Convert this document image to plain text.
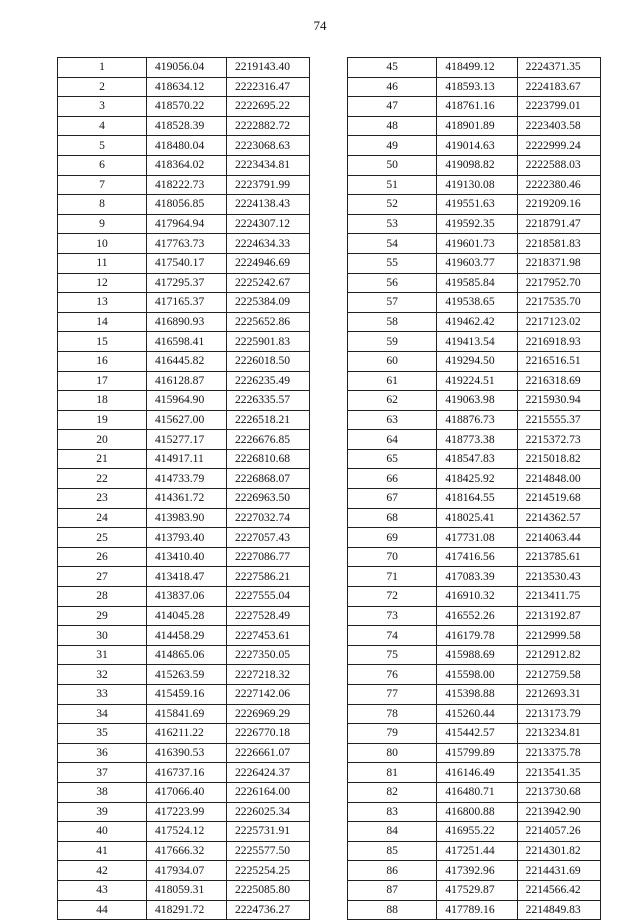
74
1	419056.04	2219143.40
2	418634.12	2222316.47
3	418570.22	2222695.22
4	418528.39	2222882.72
5	418480.04	2223068.63
6	418364.02	2223434.81
7	418222.73	2223791.99
8	418056.85	2224138.43
9	417964.94	2224307.12
10	417763.73	2224634.33
11	417540.17	2224946.69
12	417295.37	2225242.67
13	417165.37	2225384.09
14	416890.93	2225652.86
15	416598.41	2225901.83
16	416445.82	2226018.50
17	416128.87	2226235.49
18	415964.90	2226335.57
19	415627.00	2226518.21
20	415277.17	2226676.85
21	414917.11	2226810.68
22	414733.79	2226868.07
23	414361.72	2226963.50
24	413983.90	2227032.74
25	413793.40	2227057.43
26	413410.40	2227086.77
27	413418.47	2227586.21
28	413837.06	2227555.04
29	414045.28	2227528.49
30	414458.29	2227453.61
31	414865.06	2227350.05
32	415263.59	2227218.32
33	415459.16	2227142.06
34	415841.69	2226969.29
35	416211.22	2226770.18
36	416390.53	2226661.07
37	416737.16	2226424.37
38	417066.40	2226164.00
39	417223.99	2226025.34
40	417524.12	2225731.91
41	417666.32	2225577.50
42	417934.07	2225254.25
43	418059.31	2225085.80
44	418291.72	2224736.27
45	418499.12	2224371.35
46	418593.13	2224183.67
47	418761.16	2223799.01
48	418901.89	2223403.58
49	419014.63	2222999.24
50	419098.82	2222588.03
51	419130.08	2222380.46
52	419551.63	2219209.16
53	419592.35	2218791.47
54	419601.73	2218581.83
55	419603.77	2218371.98
56	419585.84	2217952.70
57	419538.65	2217535.70
58	419462.42	2217123.02
59	419413.54	2216918.93
60	419294.50	2216516.51
61	419224.51	2216318.69
62	419063.98	2215930.94
63	418876.73	2215555.37
64	418773.38	2215372.73
65	418547.83	2215018.82
66	418425.92	2214848.00
67	418164.55	2214519.68
68	418025.41	2214362.57
69	417731.08	2214063.44
70	417416.56	2213785.61
71	417083.39	2213530.43
72	416910.32	2213411.75
73	416552.26	2213192.87
74	416179.78	2212999.58
75	415988.69	2212912.82
76	415598.00	2212759.58
77	415398.88	2212693.31
78	415260.44	2213173.79
79	415442.57	2213234.81
80	415799.89	2213375.78
81	416146.49	2213541.35
82	416480.71	2213730.68
83	416800.88	2213942.90
84	416955.22	2214057.26
85	417251.44	2214301.82
86	417392.96	2214431.69
87	417529.87	2214566.42
88	417789.16	2214849.83
